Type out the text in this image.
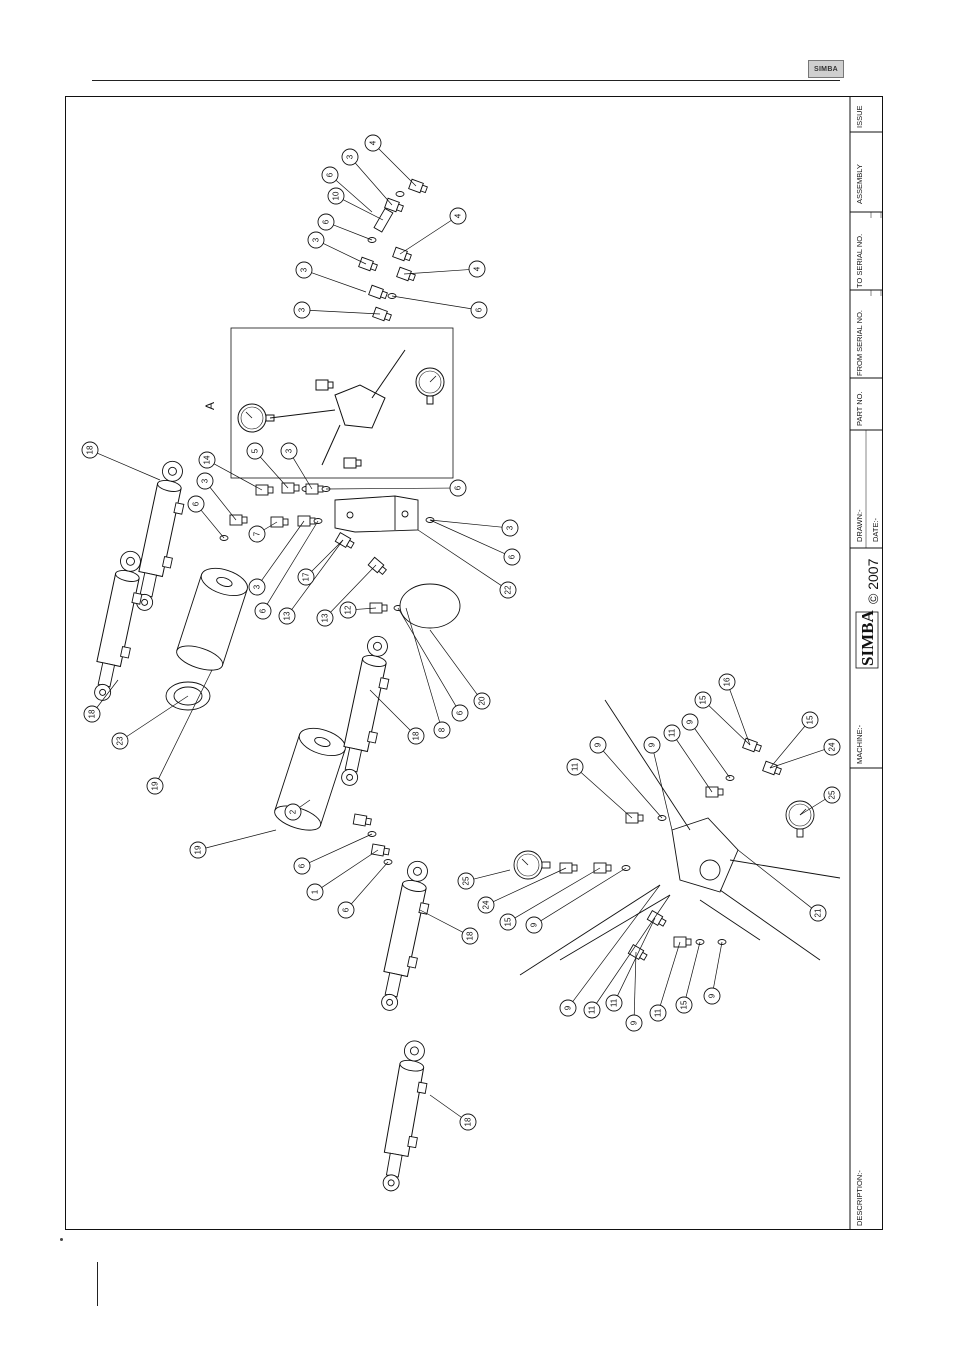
SIMBA
ISSUE
ASSEMBLY
TO SERIAL NO.
FROM SERIAL NO.
PART NO.
DRAWN:- DATE:-
© 2007
SIMBA
MACHINE:-
DESCRIPTION:-
A
4
3
6
10
6
3
4
3	4
3	6
18
14
3
6
5	3
6
7
3
6
13
17
13
12
22
3
6
20
6
8
18
18
23
19
19
2
6
1
6
18
11
9	9
11
9
15
16
15
24
25
25
24
15 9
21
9 11
11
9
11
15
9
18
